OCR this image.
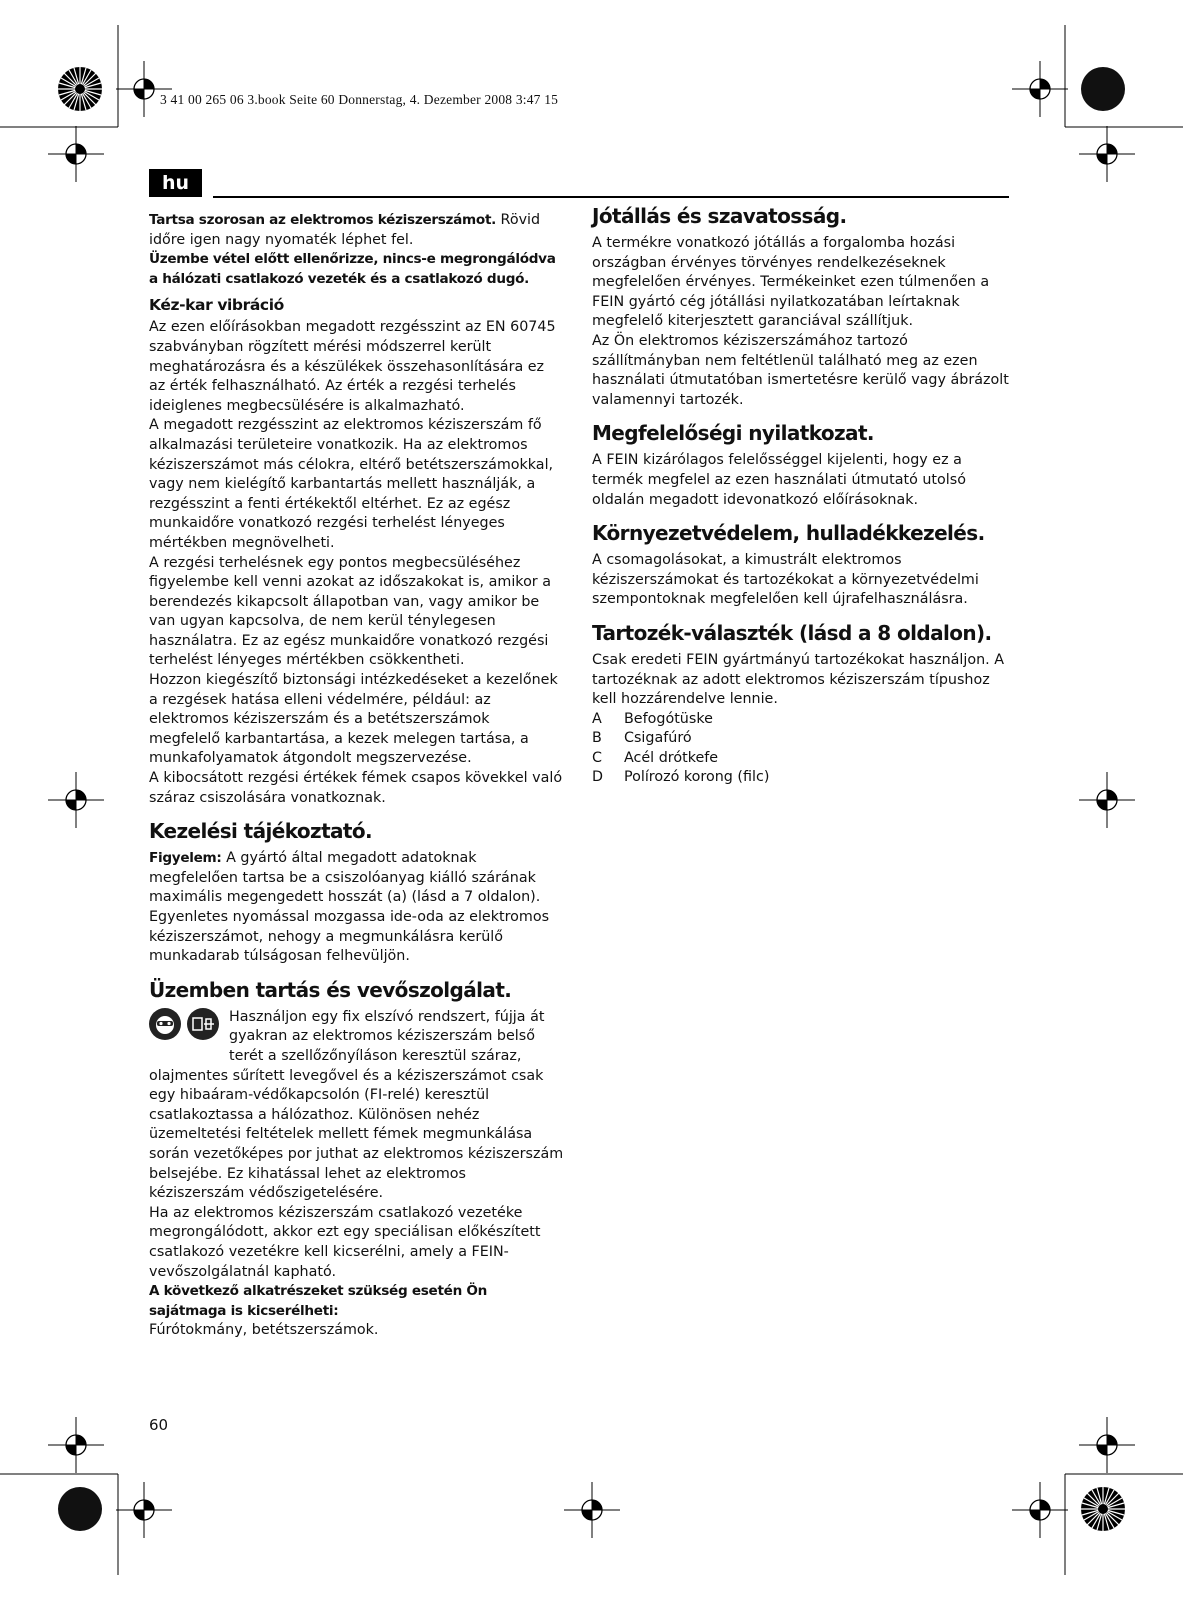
3 41 00 265 06 3.book Seite 60 Donnerstag, 4. Dezember 2008 3:47 15
hu

Tartsa szorosan az elektromos kéziszerszámot. Rövid időre igen nagy nyomaték léphet fel.

Üzembe vétel előtt ellenőrizze, nincs-e megrongálódva a hálózati csatlakozó vezeték és a csatlakozó dugó.

Kéz-kar vibráció

Az ezen előírásokban megadott rezgésszint az EN 60745 szabványban rögzített mérési módszerrel került meghatározásra és a készülékek összehasonlítására ez az érték felhasználható. Az érték a rezgési terhelés ideiglenes megbecsülésére is alkalmazható.

A megadott rezgésszint az elektromos kéziszerszám fő alkalmazási területeire vonatkozik. Ha az elektromos kéziszerszámot más célokra, eltérő betétszerszámokkal, vagy nem kielégítő karbantartás mellett használják, a rezgésszint a fenti értékektől eltérhet. Ez az egész munkaidőre vonatkozó rezgési terhelést lényeges mértékben megnövelheti.

A rezgési terhelésnek egy pontos megbecsüléséhez figyelembe kell venni azokat az időszakokat is, amikor a berendezés kikapcsolt állapotban van, vagy amikor be van ugyan kapcsolva, de nem kerül ténylegesen használatra. Ez az egész munkaidőre vonatkozó rezgési terhelést lényeges mértékben csökkentheti.

Hozzon kiegészítő biztonsági intézkedéseket a kezelőnek a rezgések hatása elleni védelmére, például: az elektromos kéziszerszám és a betétszerszámok megfelelő karbantartása, a kezek melegen tartása, a munkafolyamatok átgondolt megszervezése.

A kibocsátott rezgési értékek fémek csapos kövekkel való száraz csiszolására vonatkoznak.

Kezelési tájékoztató.

Figyelem: A gyártó által megadott adatoknak megfelelően tartsa be a csiszolóanyag kiálló szárának maximális megengedett hosszát (a) (lásd a 7 oldalon).

Egyenletes nyomással mozgassa ide-oda az elektromos kéziszerszámot, nehogy a megmunkálásra kerülő munkadarab túlságosan felhevüljön.

Üzemben tartás és vevőszolgálat.

Használjon egy fix elszívó rendszert, fújja át gyakran az elektromos kéziszerszám belső terét a szellőzőnyíláson keresztül száraz, olajmentes sűrített levegővel és a kéziszerszámot csak egy hibaáram-védőkapcsolón (FI-relé) keresztül csatlakoztassa a hálózathoz. Különösen nehéz üzemeltetési feltételek mellett fémek megmunkálása során vezetőképes por juthat az elektromos kéziszerszám belsejébe. Ez kihatással lehet az elektromos kéziszerszám védőszigetelésére.

Ha az elektromos kéziszerszám csatlakozó vezetéke megrongálódott, akkor ezt egy speciálisan előkészített csatlakozó vezetékre kell kicserélni, amely a FEIN-vevőszolgálatnál kapható.

A következő alkatrészeket szükség esetén Ön sajátmaga is kicserélheti:

Fúrótokmány, betétszerszámok.

Jótállás és szavatosság.

A termékre vonatkozó jótállás a forgalomba hozási országban érvényes törvényes rendelkezéseknek megfelelően érvényes. Termékeinket ezen túlmenően a FEIN gyártó cég jótállási nyilatkozatában leírtaknak megfelelő kiterjesztett garanciával szállítjuk.

Az Ön elektromos kéziszerszámához tartozó szállítmányban nem feltétlenül található meg az ezen használati útmutatóban ismertetésre kerülő vagy ábrázolt valamennyi tartozék.

Megfelelőségi nyilatkozat.

A FEIN kizárólagos felelősséggel kijelenti, hogy ez a termék megfelel az ezen használati útmutató utolsó oldalán megadott idevonatkozó előírásoknak.

Környezetvédelem, hulladékkezelés.

A csomagolásokat, a kimustrált elektromos kéziszerszámokat és tartozékokat a környezetvédelmi szempontoknak megfelelően kell újrafelhasználásra.

Tartozék-választék (lásd a 8 oldalon).

Csak eredeti FEIN gyártmányú tartozékokat használjon. A tartozéknak az adott elektromos kéziszerszám típushoz kell hozzárendelve lennie.

A	Befogótüske
B	Csigafúró
C	Acél drótkefe
D	Polírozó korong (filc)
60
